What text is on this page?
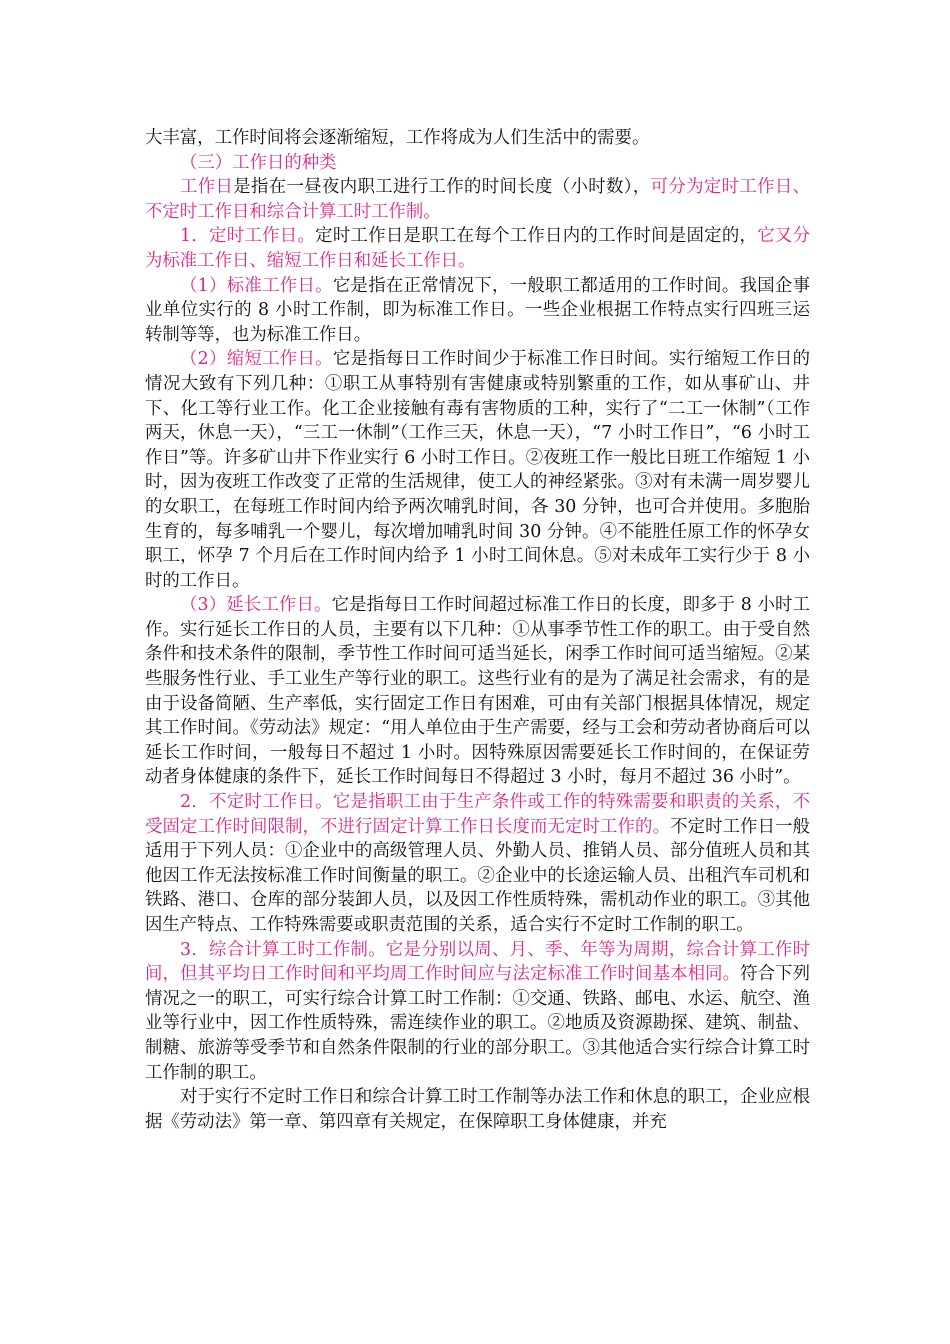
大丰富，工作时间将会逐渐缩短，工作将成为人们生活中的需要。

（三）工作日的种类

工作日是指在一昼夜内职工进行工作的时间长度（小时数），可分为定时工作日、不定时工作日和综合计算工时工作制。

1．定时工作日。定时工作日是职工在每个工作日内的工作时间是固定的，它又分为标准工作日、缩短工作日和延长工作日。

（1）标准工作日。它是指在正常情况下，一般职工都适用的工作时间。我国企事业单位实行的 8 小时工作制，即为标准工作日。一些企业根据工作特点实行四班三运转制等等，也为标准工作日。

（2）缩短工作日。它是指每日工作时间少于标准工作日时间。实行缩短工作日的情况大致有下列几种：①职工从事特别有害健康或特别繁重的工作，如从事矿山、井下、化工等行业工作。化工企业接触有毒有害物质的工种，实行了“二工一休制”（工作两天，休息一天），“三工一休制”（工作三天，休息一天），“7 小时工作日”，“6 小时工作日”等。许多矿山井下作业实行 6 小时工作日。②夜班工作一般比日班工作缩短 1 小时，因为夜班工作改变了正常的生活规律，使工人的神经紧张。③对有未满一周岁婴儿的女职工，在每班工作时间内给予两次哺乳时间，各 30 分钟，也可合并使用。多胞胎生育的，每多哺乳一个婴儿，每次增加哺乳时间 30 分钟。④不能胜任原工作的怀孕女职工，怀孕 7 个月后在工作时间内给予 1 小时工间休息。⑤对未成年工实行少于 8 小时的工作日。

（3）延长工作日。它是指每日工作时间超过标准工作日的长度，即多于 8 小时工作。实行延长工作日的人员，主要有以下几种：①从事季节性工作的职工。由于受自然条件和技术条件的限制，季节性工作时间可适当延长，闲季工作时间可适当缩短。②某些服务性行业、手工业生产等行业的职工。这些行业有的是为了满足社会需求，有的是由于设备简陋、生产率低，实行固定工作日有困难，可由有关部门根据具体情况，规定其工作时间。《劳动法》规定：“用人单位由于生产需要，经与工会和劳动者协商后可以延长工作时间，一般每日不超过 1 小时。因特殊原因需要延长工作时间的，在保证劳动者身体健康的条件下，延长工作时间每日不得超过 3 小时，每月不超过 36 小时”。

2．不定时工作日。它是指职工由于生产条件或工作的特殊需要和职责的关系，不受固定工作时间限制，不进行固定计算工作日长度而无定时工作的。不定时工作日一般适用于下列人员：①企业中的高级管理人员、外勤人员、推销人员、部分值班人员和其他因工作无法按标准工作时间衡量的职工。②企业中的长途运输人员、出租汽车司机和铁路、港口、仓库的部分装卸人员，以及因工作性质特殊，需机动作业的职工。③其他因生产特点、工作特殊需要或职责范围的关系，适合实行不定时工作制的职工。

3．综合计算工时工作制。它是分别以周、月、季、年等为周期，综合计算工作时间，但其平均日工作时间和平均周工作时间应与法定标准工作时间基本相同。符合下列情况之一的职工，可实行综合计算工时工作制：①交通、铁路、邮电、水运、航空、渔业等行业中，因工作性质特殊，需连续作业的职工。②地质及资源勘探、建筑、制盐、制糖、旅游等受季节和自然条件限制的行业的部分职工。③其他适合实行综合计算工时工作制的职工。

对于实行不定时工作日和综合计算工时工作制等办法工作和休息的职工，企业应根据《劳动法》第一章、第四章有关规定，在保障职工身体健康，并充
